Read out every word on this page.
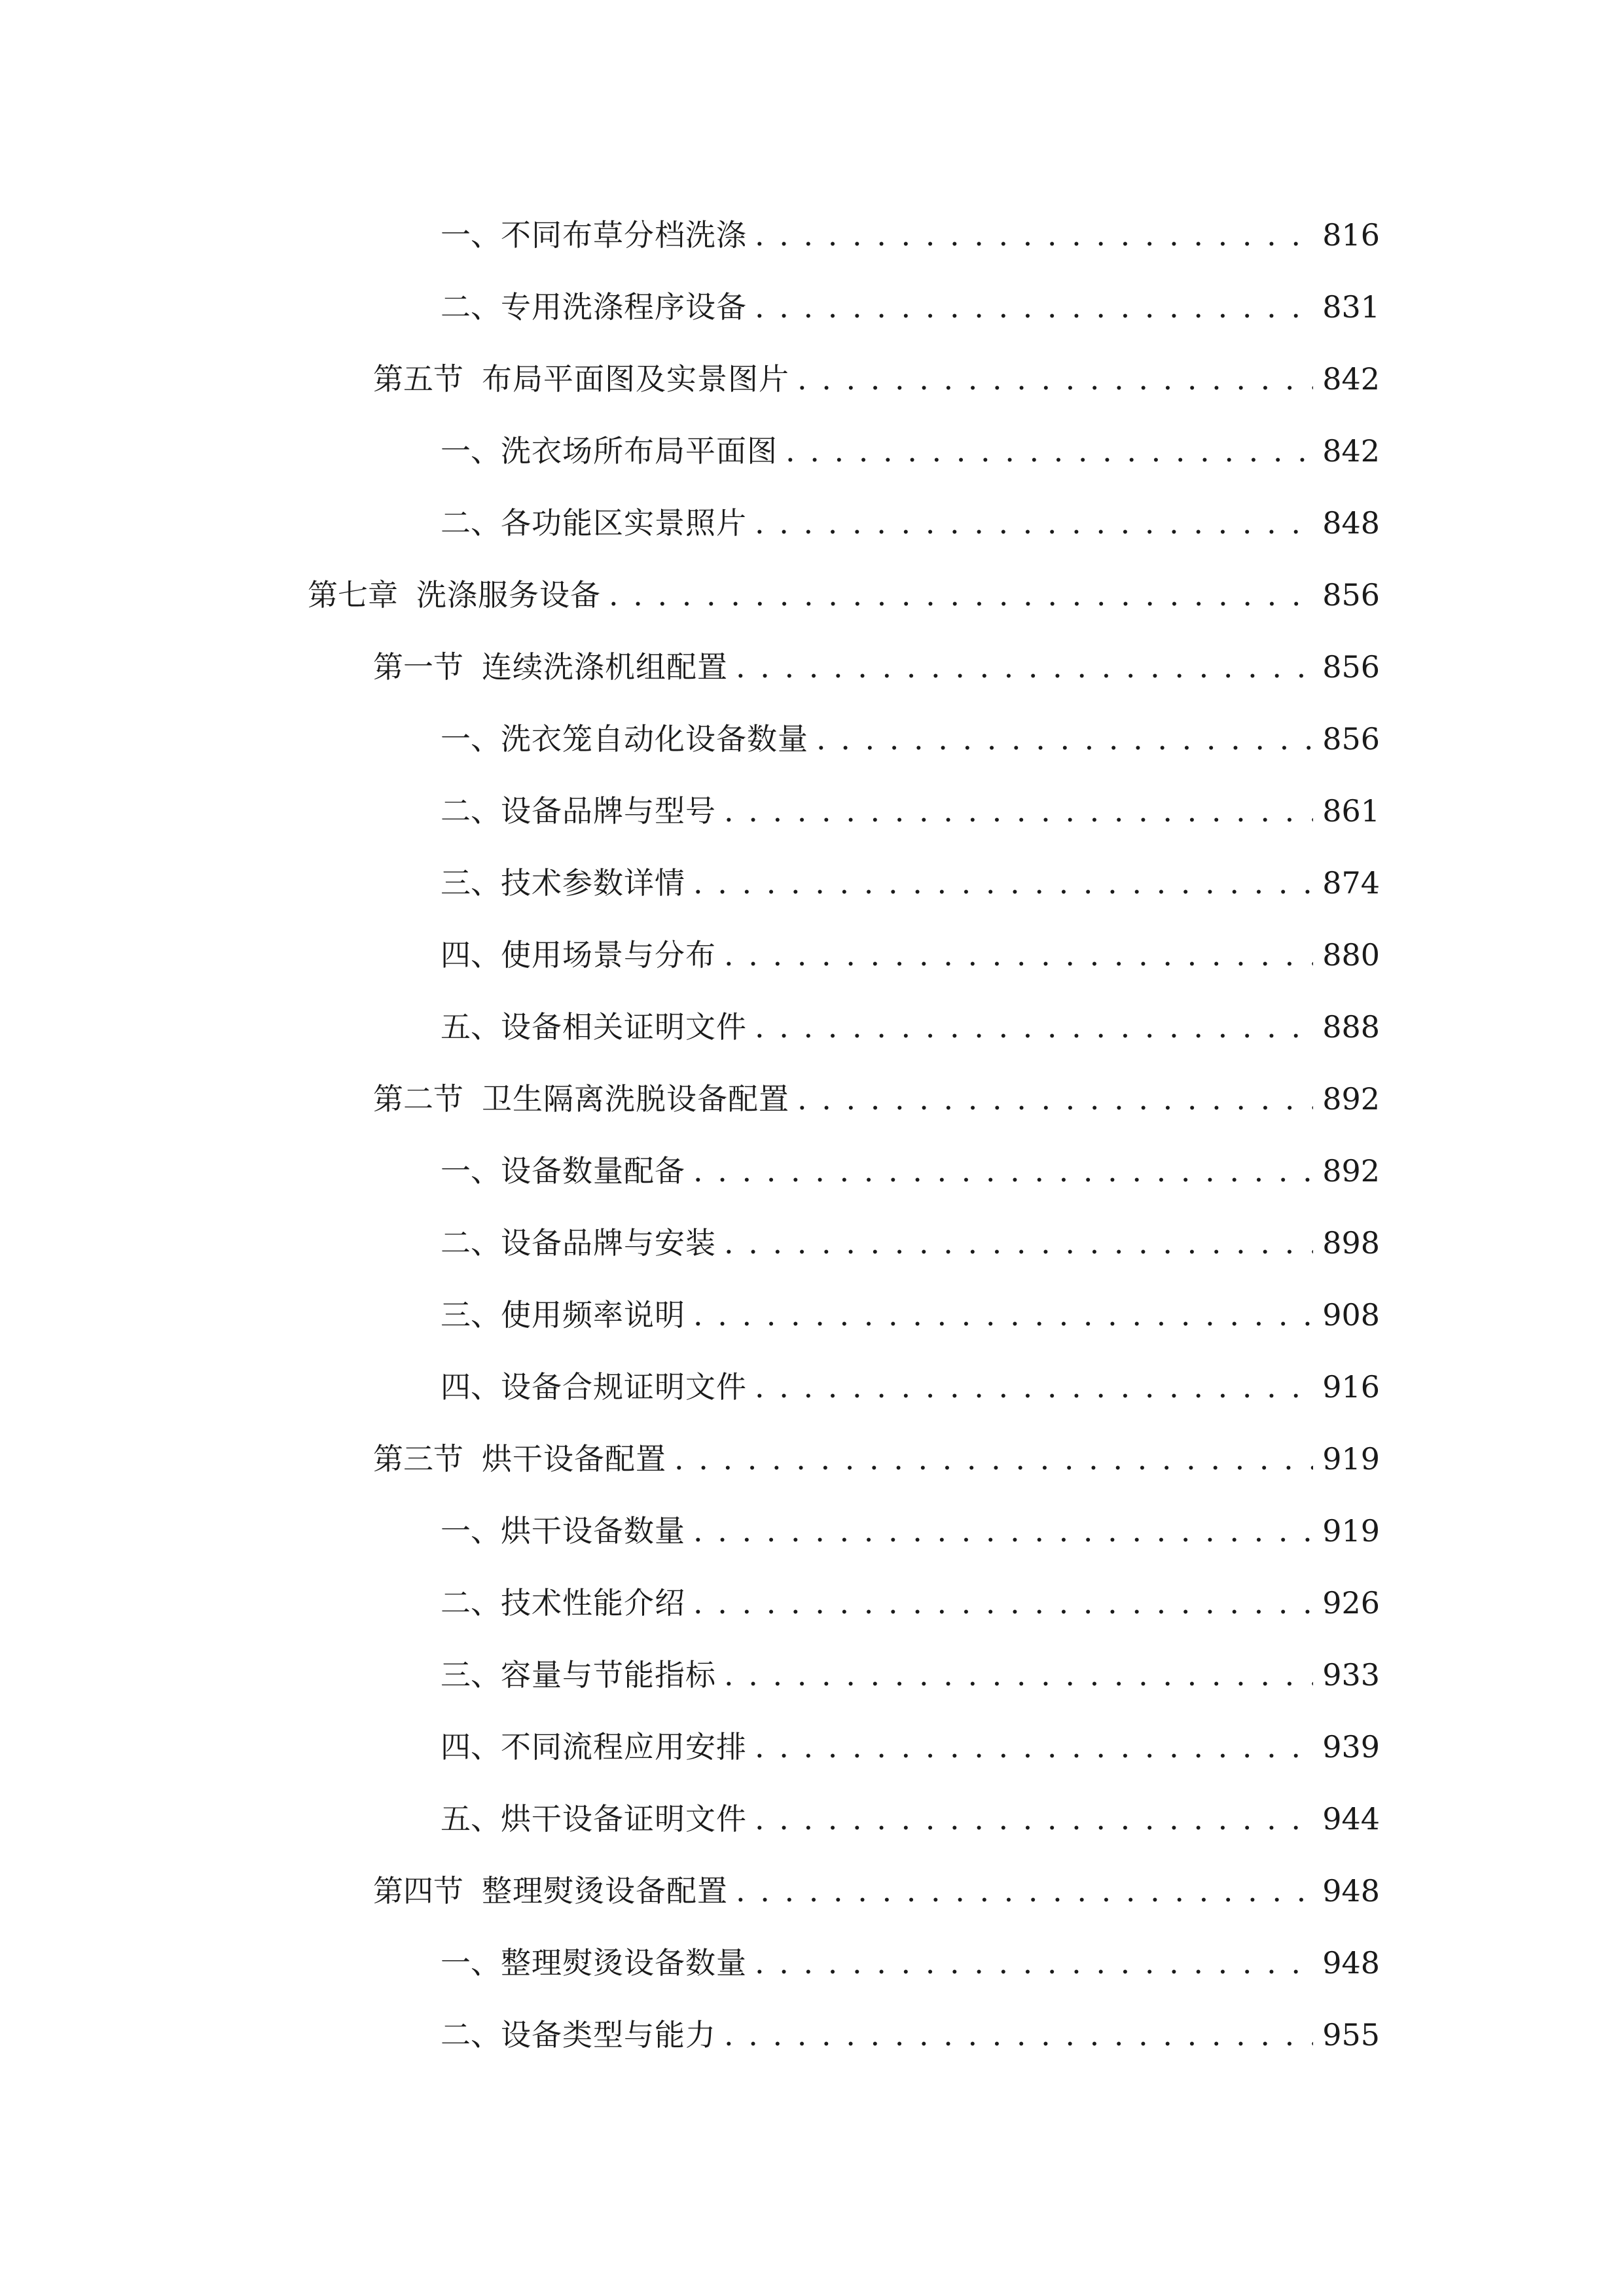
一、 不同布草分档洗涤 . . .	816
二、 专用洗涤程序设备 . . .	831
第五节 布局平面图及实景图片 . . .	842
一、 洗衣场所布局平面图 . . .	842
二、 各功能区实景照片 . . .	848
第七章 洗涤服务设备 . . .	856
第一节 连续洗涤机组配置 . . .	856
一、 洗衣笼自动化设备数量 . . .	856
二、 设备品牌与型号 . . .	861
三、 技术参数详情 . . .	874
四、 使用场景与分布 . . .	880
五、 设备相关证明文件 . . .	888
第二节 卫生隔离洗脱设备配置 . . .	892
一、 设备数量配备 . . .	892
二、 设备品牌与安装 . . .	898
三、 使用频率说明 . . .	908
四、 设备合规证明文件 . . .	916
第三节 烘干设备配置 . . .	919
一、 烘干设备数量 . . .	919
二、 技术性能介绍 . . .	926
三、 容量与节能指标 . . .	933
四、 不同流程应用安排 . . .	939
五、 烘干设备证明文件 . . .	944
第四节 整理熨烫设备配置 . . .	948
一、 整理熨烫设备数量 . . .	948
二、 设备类型与能力 . . .	955
